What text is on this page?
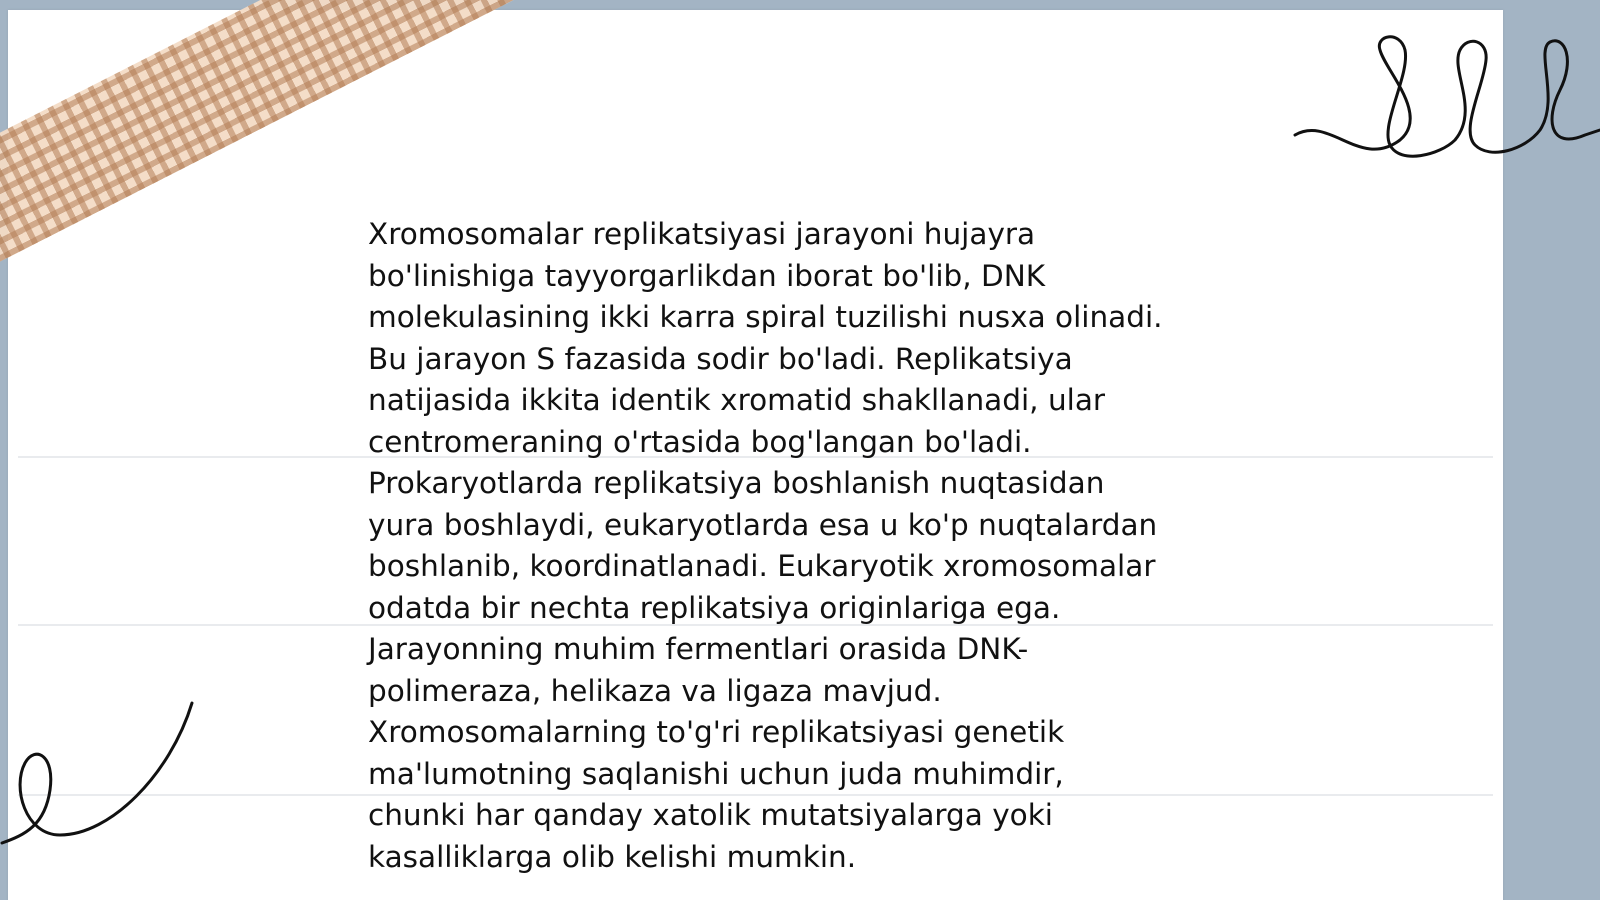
Xromosomalar replikatsiyasi jarayoni hujayra
bo'linishiga tayyorgarlikdan iborat bo'lib, DNK
molekulasining ikki karra spiral tuzilishi nusxa olinadi.
Bu jarayon S fazasida sodir bo'ladi. Replikatsiya
natijasida ikkita identik xromatid shakllanadi, ular
centromeraning o'rtasida bog'langan bo'ladi.
Prokaryotlarda replikatsiya boshlanish nuqtasidan
yura boshlaydi, eukaryotlarda esa u ko'p nuqtalardan
boshlanib, koordinatlanadi. Eukaryotik xromosomalar
odatda bir nechta replikatsiya originlariga ega.
Jarayonning muhim fermentlari orasida DNK-
polimeraza, helikaza va ligaza mavjud.
Xromosomalarning to'g'ri replikatsiyasi genetik
ma'lumotning saqlanishi uchun juda muhimdir,
chunki har qanday xatolik mutatsiyalarga yoki
kasalliklarga olib kelishi mumkin.
